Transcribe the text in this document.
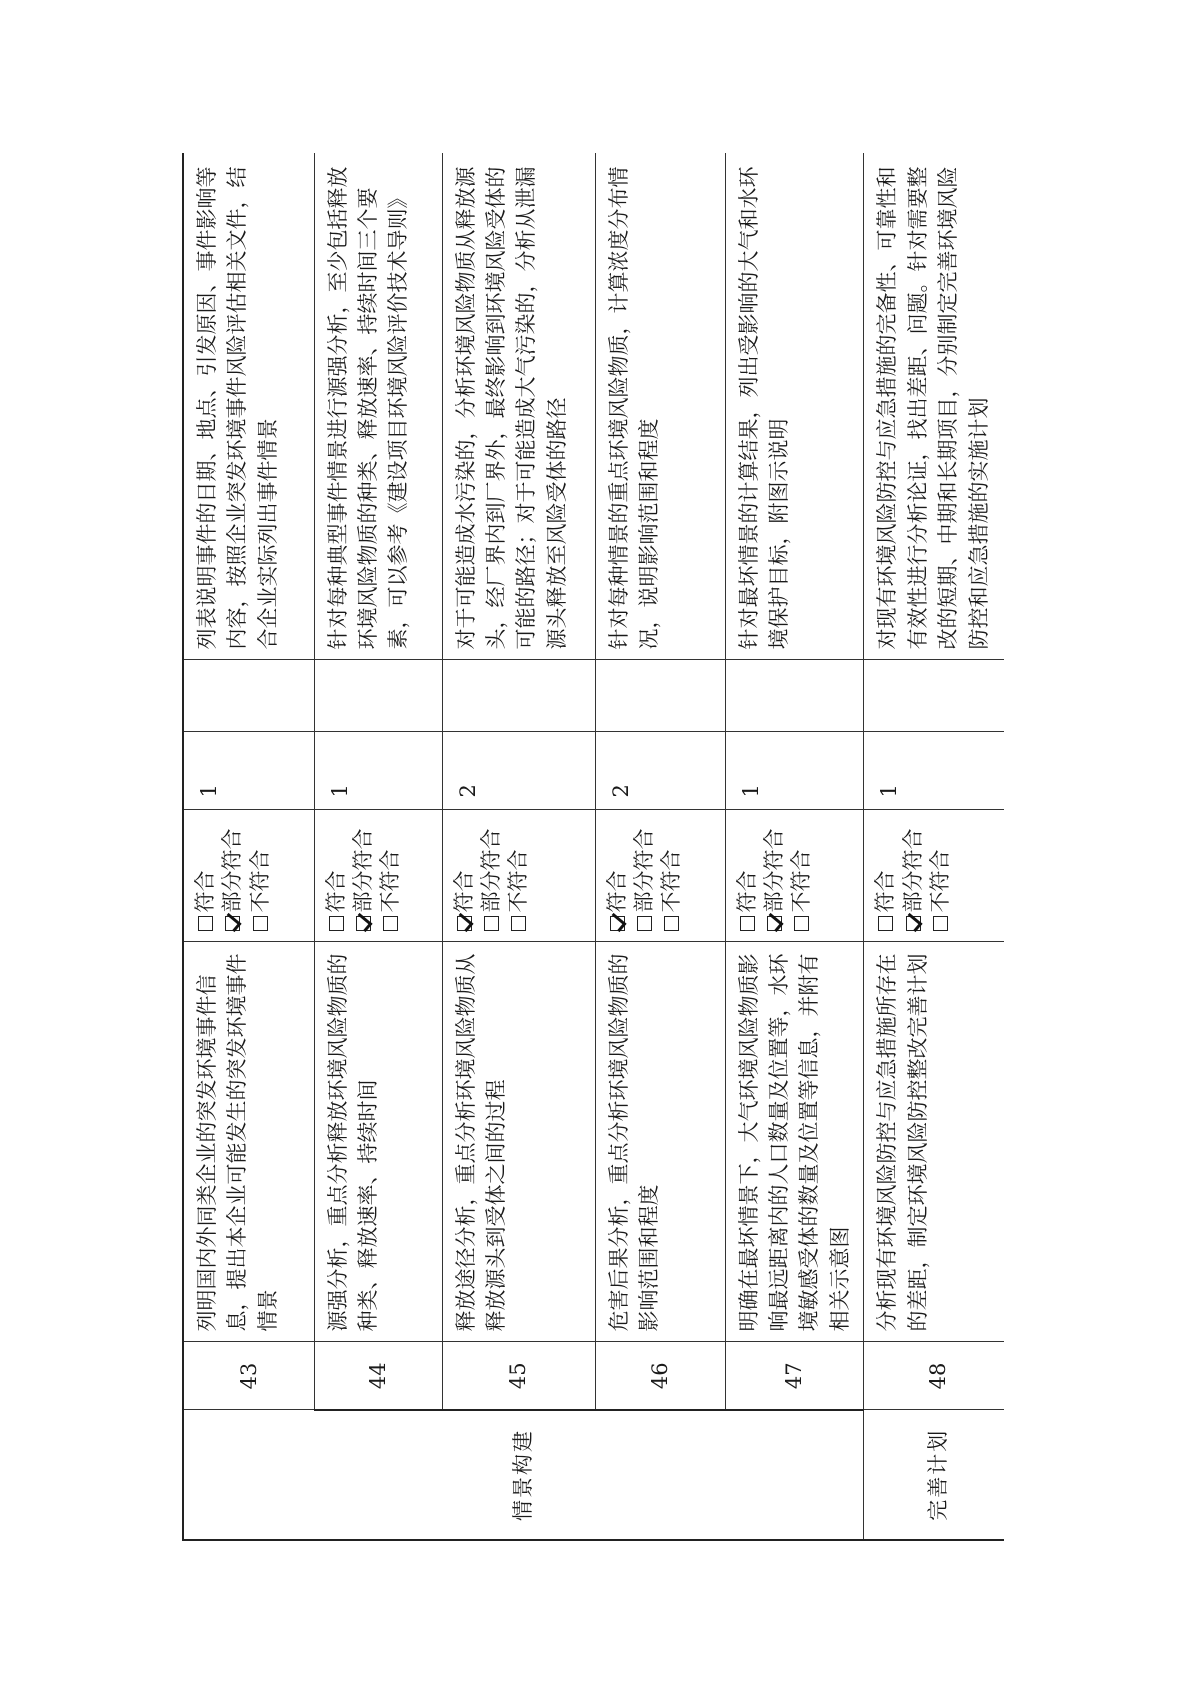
情景构建	43	列明国内外同类企业的突发环境事件信息，提出本企业可能发生的突发环境事件情景	符合 部分符合 不符合	1		列表说明事件的日期、地点、引发原因、事件影响等内容，按照企业突发环境事件风险评估相关文件，结合企业实际列出事件情景
	44	源强分析，重点分析释放环境风险物质的种类、释放速率、持续时间	符合 部分符合 不符合	1		针对每种典型事件情景进行源强分析，至少包括释放环境风险物质的种类、释放速率、持续时间三个要素，可以参考《建设项目环境风险评价技术导则》
	45	释放途径分析，重点分析环境风险物质从释放源头到受体之间的过程	符合 部分符合 不符合	2		对于可能造成水污染的，分析环境风险物质从释放源头，经厂界内到厂界外，最终影响到环境风险受体的可能的路径；对于可能造成大气污染的，分析从泄漏源头释放至风险受体的路径
	46	危害后果分析，重点分析环境风险物质的影响范围和程度	符合 部分符合 不符合	2		针对每种情景的重点环境风险物质，计算浓度分布情况，说明影响范围和程度
	47	明确在最坏情景下，大气环境风险物质影响最远距离内的人口数量及位置等，水环境敏感受体的数量及位置等信息，并附有相关示意图	符合 部分符合 不符合	1		针对最坏情景的计算结果，列出受影响的大气和水环境保护目标，附图示说明
完善计划	48	分析现有环境风险防控与应急措施所存在的差距，制定环境风险防控整改完善计划	符合 部分符合 不符合	1		对现有环境风险防控与应急措施的完备性、可靠性和有效性进行分析论证，找出差距、问题。针对需要整改的短期、中期和长期项目，分别制定完善环境风险防控和应急措施的实施计划
